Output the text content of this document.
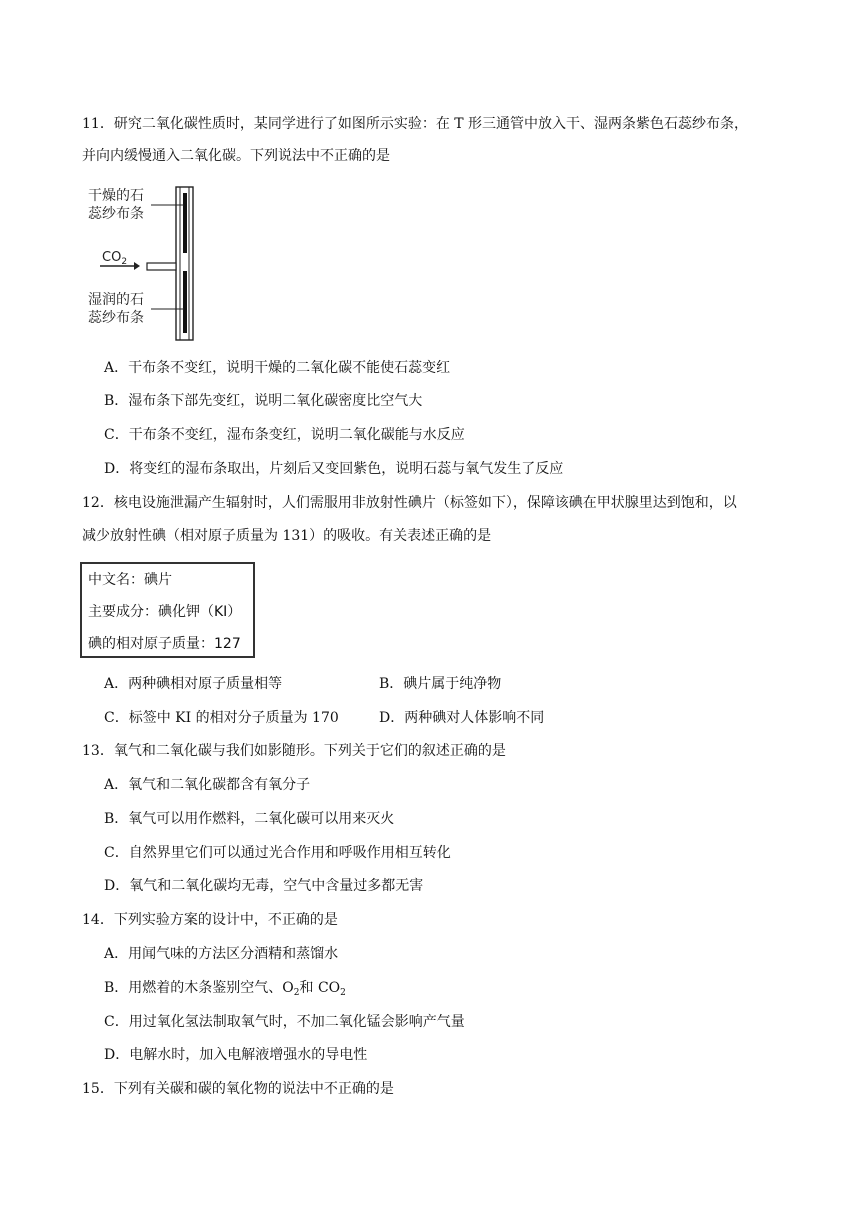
11．研究二氧化碳性质时，某同学进行了如图所示实验：在 T 形三通管中放入干、湿两条紫色石蕊纱布条，
并向内缓慢通入二氧化碳。下列说法中不正确的是
干燥的石
蕊纱布条
$CO_2$
湿润的石
蕊纱布条
A．干布条不变红，说明干燥的二氧化碳不能使石蕊变红
B．湿布条下部先变红，说明二氧化碳密度比空气大
C．干布条不变红，湿布条变红，说明二氧化碳能与水反应
D．将变红的湿布条取出，片刻后又变回紫色，说明石蕊与氧气发生了反应
12．核电设施泄漏产生辐射时，人们需服用非放射性碘片（标签如下），保障该碘在甲状腺里达到饱和，以
减少放射性碘（相对原子质量为 131）的吸收。有关表述正确的是
中文名：碘片
主要成分：碘化钾（KI）
碘的相对原子质量：127
A．两种碘相对原子质量相等	B．碘片属于纯净物
C．标签中 KI 的相对分子质量为 170	D．两种碘对人体影响不同
13．氧气和二氧化碳与我们如影随形。下列关于它们的叙述正确的是
A．氧气和二氧化碳都含有氧分子
B．氧气可以用作燃料，二氧化碳可以用来灭火
C．自然界里它们可以通过光合作用和呼吸作用相互转化
D．氧气和二氧化碳均无毒，空气中含量过多都无害
14．下列实验方案的设计中，不正确的是
A．用闻气味的方法区分酒精和蒸馏水
B．用燃着的木条鉴别空气、$O_2$和 $CO_2$
C．用过氧化氢法制取氧气时，不加二氧化锰会影响产气量
D．电解水时，加入电解液增强水的导电性
15．下列有关碳和碳的氧化物的说法中不正确的是
